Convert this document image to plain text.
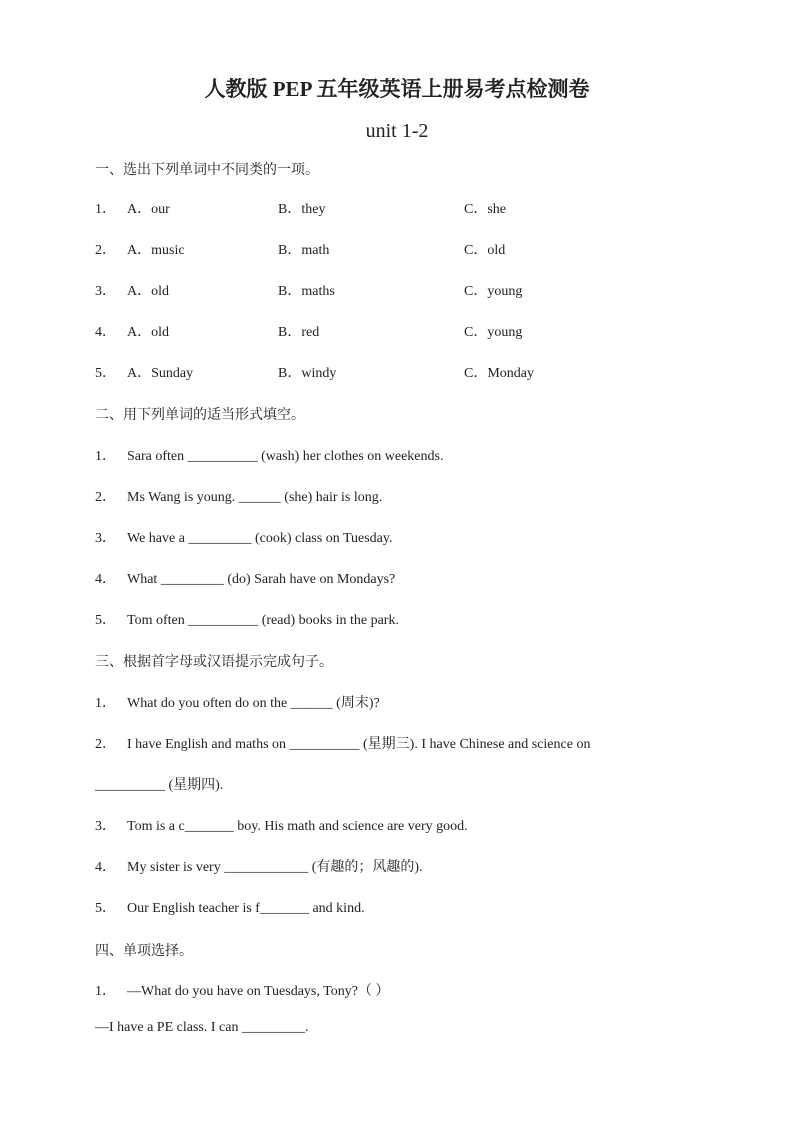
人教版 PEP 五年级英语上册易考点检测卷
unit 1-2
一、选出下列单词中不同类的一项。
1． A．our	B．they	C．she
2． A．music	B．math	C．old
3． A．old	B．maths	C．young
4． A．old	B．red	C．young
5． A．Sunday	B．windy	C．Monday
二、用下列单词的适当形式填空。
1． Sara often __________ (wash) her clothes on weekends.
2． Ms Wang is young. ______ (she) hair is long.
3． We have a _________ (cook) class on Tuesday.
4． What _________ (do) Sarah have on Mondays?
5． Tom often __________ (read) books in the park.
三、根据首字母或汉语提示完成句子。
1． What do you often do on the ______ (周末)?
2． I have English and maths on __________ (星期三). I have Chinese and science on
__________ (星期四).
3． Tom is a c_______ boy. His math and science are very good.
4． My sister is very ____________ (有趣的；风趣的).
5． Our English teacher is f_______ and kind.
四、单项选择。
1． —What do you have on Tuesdays, Tony?（ ）
—I have a PE class. I can _________.
